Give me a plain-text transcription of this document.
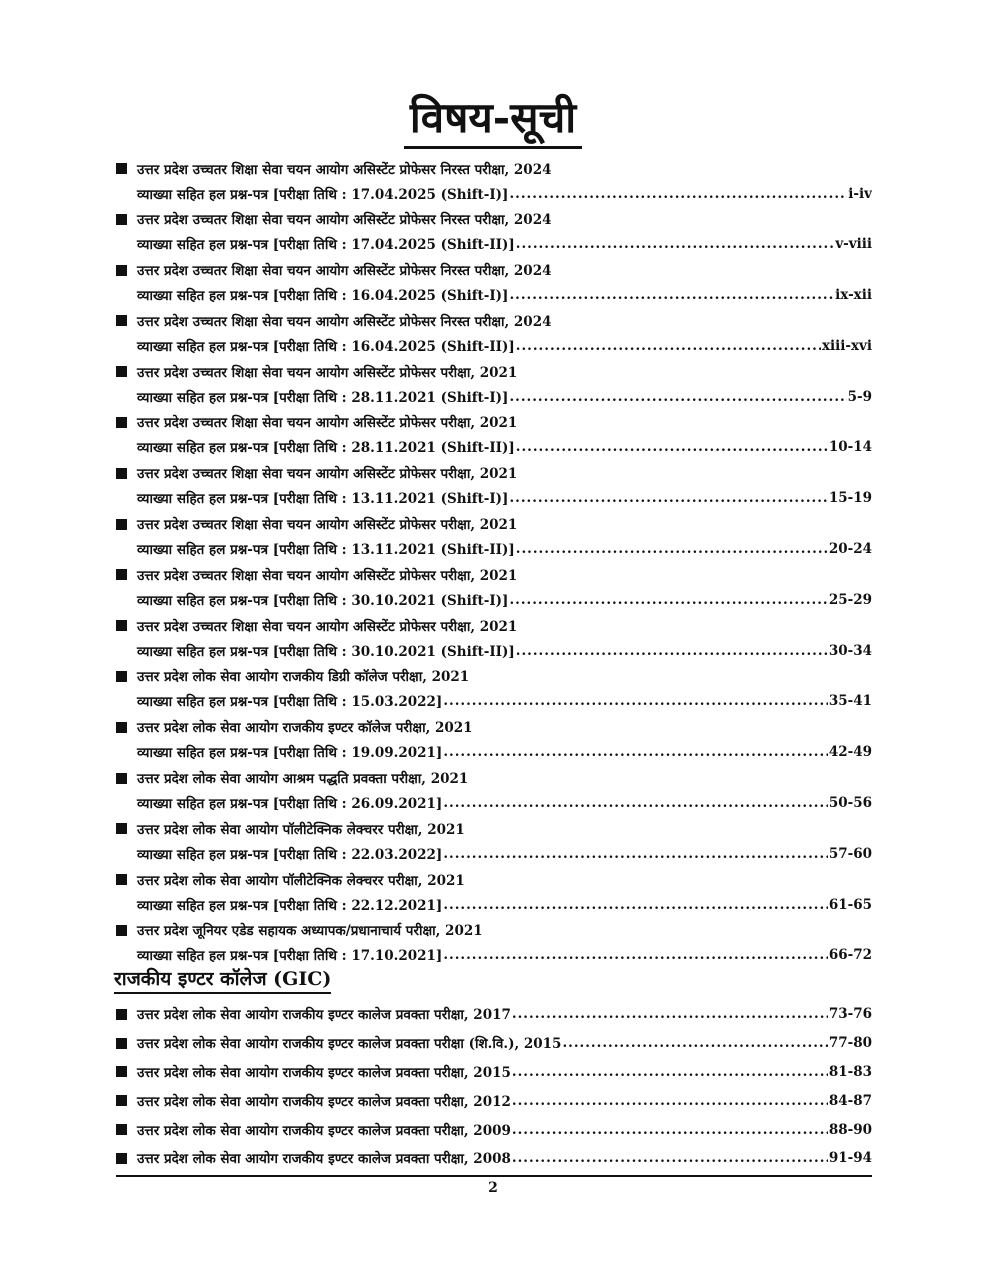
विषय-सूची
उत्तर प्रदेश उच्चतर शिक्षा सेवा चयन आयोग असिस्टेंट प्रोफेसर निरस्त परीक्षा, 2024
व्याख्या सहित हल प्रश्न-पत्र [परीक्षा तिथि : 17.04.2025 (Shift-I)] .....	i-iv
उत्तर प्रदेश उच्चतर शिक्षा सेवा चयन आयोग असिस्टेंट प्रोफेसर निरस्त परीक्षा, 2024
व्याख्या सहित हल प्रश्न-पत्र [परीक्षा तिथि : 17.04.2025 (Shift-II)] .....	v-viii
उत्तर प्रदेश उच्चतर शिक्षा सेवा चयन आयोग असिस्टेंट प्रोफेसर निरस्त परीक्षा, 2024
व्याख्या सहित हल प्रश्न-पत्र [परीक्षा तिथि : 16.04.2025 (Shift-I)] .....	ix-xii
उत्तर प्रदेश उच्चतर शिक्षा सेवा चयन आयोग असिस्टेंट प्रोफेसर निरस्त परीक्षा, 2024
व्याख्या सहित हल प्रश्न-पत्र [परीक्षा तिथि : 16.04.2025 (Shift-II)] .....	xiii-xvi
उत्तर प्रदेश उच्चतर शिक्षा सेवा चयन आयोग असिस्टेंट प्रोफेसर परीक्षा, 2021
व्याख्या सहित हल प्रश्न-पत्र [परीक्षा तिथि : 28.11.2021 (Shift-I)] .....	5-9
उत्तर प्रदेश उच्चतर शिक्षा सेवा चयन आयोग असिस्टेंट प्रोफेसर परीक्षा, 2021
व्याख्या सहित हल प्रश्न-पत्र [परीक्षा तिथि : 28.11.2021 (Shift-II)] .....	10-14
उत्तर प्रदेश उच्चतर शिक्षा सेवा चयन आयोग असिस्टेंट प्रोफेसर परीक्षा, 2021
व्याख्या सहित हल प्रश्न-पत्र [परीक्षा तिथि : 13.11.2021 (Shift-I)] .....	15-19
उत्तर प्रदेश उच्चतर शिक्षा सेवा चयन आयोग असिस्टेंट प्रोफेसर परीक्षा, 2021
व्याख्या सहित हल प्रश्न-पत्र [परीक्षा तिथि : 13.11.2021 (Shift-II)] .....	20-24
उत्तर प्रदेश उच्चतर शिक्षा सेवा चयन आयोग असिस्टेंट प्रोफेसर परीक्षा, 2021
व्याख्या सहित हल प्रश्न-पत्र [परीक्षा तिथि : 30.10.2021 (Shift-I)] .....	25-29
उत्तर प्रदेश उच्चतर शिक्षा सेवा चयन आयोग असिस्टेंट प्रोफेसर परीक्षा, 2021
व्याख्या सहित हल प्रश्न-पत्र [परीक्षा तिथि : 30.10.2021 (Shift-II)] .....	30-34
उत्तर प्रदेश लोक सेवा आयोग राजकीय डिग्री कॉलेज परीक्षा, 2021
व्याख्या सहित हल प्रश्न-पत्र [परीक्षा तिथि : 15.03.2022] .....	35-41
उत्तर प्रदेश लोक सेवा आयोग राजकीय इण्टर कॉलेज परीक्षा, 2021
व्याख्या सहित हल प्रश्न-पत्र [परीक्षा तिथि : 19.09.2021] .....	42-49
उत्तर प्रदेश लोक सेवा आयोग आश्रम पद्धति प्रवक्ता परीक्षा, 2021
व्याख्या सहित हल प्रश्न-पत्र [परीक्षा तिथि : 26.09.2021] .....	50-56
उत्तर प्रदेश लोक सेवा आयोग पॉलीटेक्निक लेक्चरर परीक्षा, 2021
व्याख्या सहित हल प्रश्न-पत्र [परीक्षा तिथि : 22.03.2022] .....	57-60
उत्तर प्रदेश लोक सेवा आयोग पॉलीटेक्निक लेक्चरर परीक्षा, 2021
व्याख्या सहित हल प्रश्न-पत्र [परीक्षा तिथि : 22.12.2021] .....	61-65
उत्तर प्रदेश जूनियर एडेड सहायक अध्यापक/प्रधानाचार्य परीक्षा, 2021
व्याख्या सहित हल प्रश्न-पत्र [परीक्षा तिथि : 17.10.2021] .....	66-72
राजकीय इण्टर कॉलेज (GIC)
उत्तर प्रदेश लोक सेवा आयोग राजकीय इण्टर कालेज प्रवक्ता परीक्षा, 2017 .....	73-76
उत्तर प्रदेश लोक सेवा आयोग राजकीय इण्टर कालेज प्रवक्ता परीक्षा (शि.वि.), 2015 .....	77-80
उत्तर प्रदेश लोक सेवा आयोग राजकीय इण्टर कालेज प्रवक्ता परीक्षा, 2015 .....	81-83
उत्तर प्रदेश लोक सेवा आयोग राजकीय इण्टर कालेज प्रवक्ता परीक्षा, 2012 .....	84-87
उत्तर प्रदेश लोक सेवा आयोग राजकीय इण्टर कालेज प्रवक्ता परीक्षा, 2009 .....	88-90
उत्तर प्रदेश लोक सेवा आयोग राजकीय इण्टर कालेज प्रवक्ता परीक्षा, 2008 .....	91-94
2
